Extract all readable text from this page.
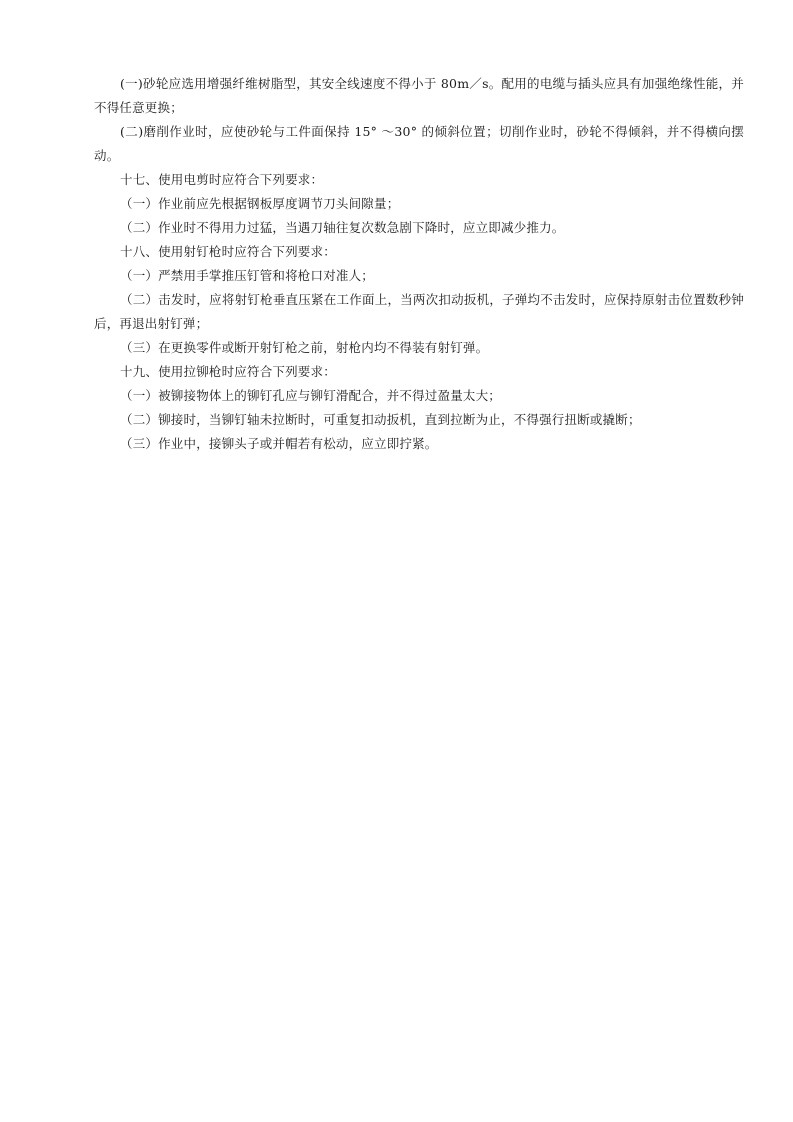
(一)砂轮应选用增强纤维树脂型，其安全线速度不得小于 80m／s。配用的电缆与插头应具有加强绝缘性能，并不得任意更换；

(二)磨削作业时，应使砂轮与工件面保持 15° ～30° 的倾斜位置；切削作业时，砂轮不得倾斜，并不得横向摆动。

十七、使用电剪时应符合下列要求：

（一）作业前应先根据钢板厚度调节刀头间隙量；

（二）作业时不得用力过猛，当遇刀轴往复次数急剧下降时，应立即减少推力。

十八、使用射钉枪时应符合下列要求：

（一）严禁用手掌推压钉管和将枪口对准人；

（二）击发时，应将射钉枪垂直压紧在工作面上，当两次扣动扳机，子弹均不击发时，应保持原射击位置数秒钟后，再退出射钉弹；

（三）在更换零件或断开射钉枪之前，射枪内均不得装有射钉弹。

十九、使用拉铆枪时应符合下列要求：

（一）被铆接物体上的铆钉孔应与铆钉滑配合，并不得过盈量太大；

（二）铆接时，当铆钉轴未拉断时，可重复扣动扳机，直到拉断为止，不得强行扭断或撬断；

（三）作业中，接铆头子或并帽若有松动，应立即拧紧。
